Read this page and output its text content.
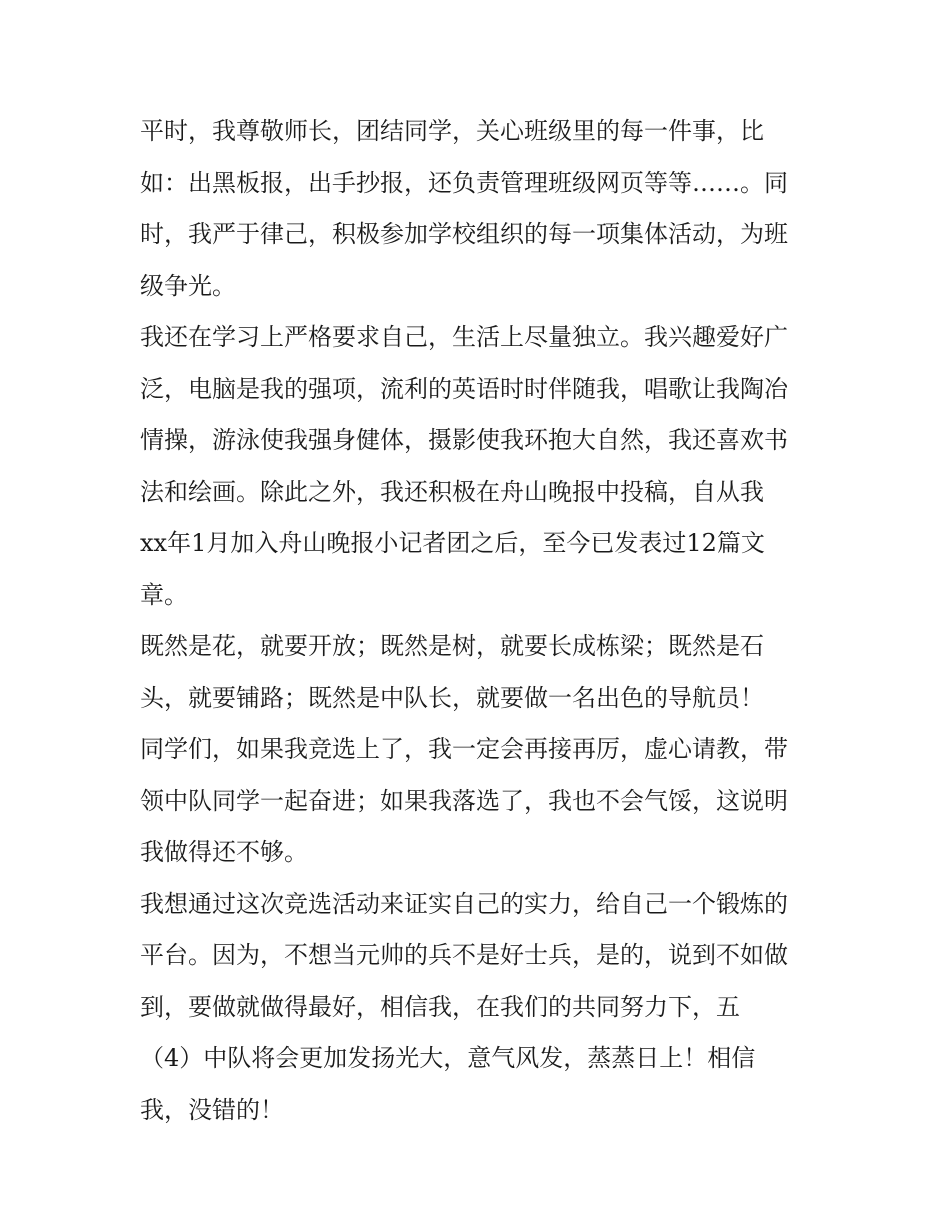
平时，我尊敬师长，团结同学，关心班级里的每一件事，比
如：出黑板报，出手抄报，还负责管理班级网页等等……。同
时，我严于律己，积极参加学校组织的每一项集体活动，为班
级争光。
我还在学习上严格要求自己，生活上尽量独立。我兴趣爱好广
泛，电脑是我的强项，流利的英语时时伴随我，唱歌让我陶冶
情操，游泳使我强身健体，摄影使我环抱大自然，我还喜欢书
法和绘画。除此之外，我还积极在舟山晚报中投稿，自从我
xx年1月加入舟山晚报小记者团之后，至今已发表过12篇文
章。
既然是花，就要开放；既然是树，就要长成栋梁；既然是石
头，就要铺路；既然是中队长，就要做一名出色的导航员！
同学们，如果我竞选上了，我一定会再接再厉，虚心请教，带
领中队同学一起奋进；如果我落选了，我也不会气馁，这说明
我做得还不够。
我想通过这次竞选活动来证实自己的实力，给自己一个锻炼的
平台。因为，不想当元帅的兵不是好士兵，是的，说到不如做
到，要做就做得最好，相信我，在我们的共同努力下，五
（4）中队将会更加发扬光大，意气风发，蒸蒸日上！相信
我，没错的！
